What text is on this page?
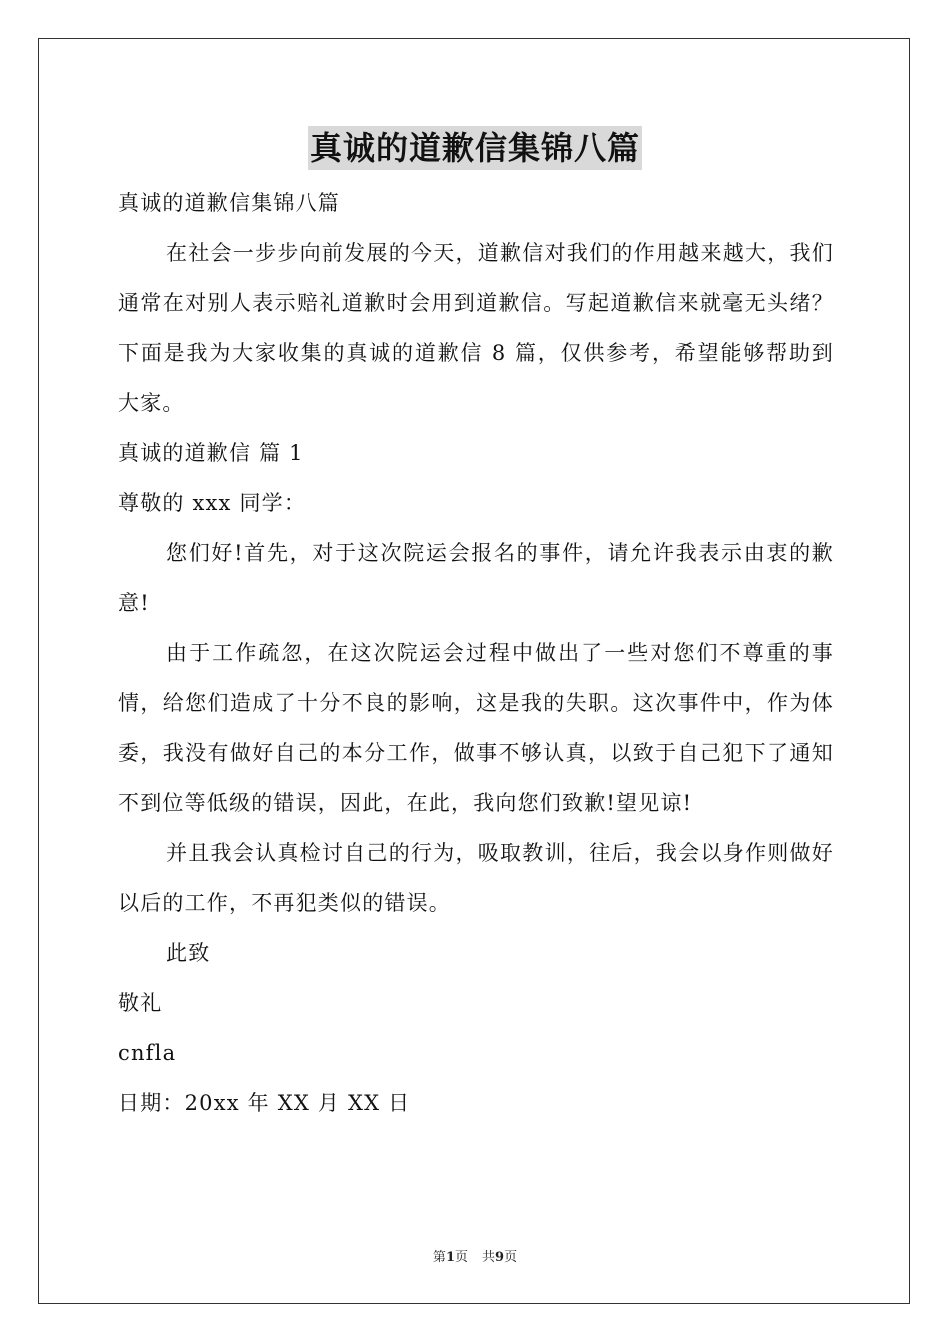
真诚的道歉信集锦八篇

真诚的道歉信集锦八篇

在社会一步步向前发展的今天，道歉信对我们的作用越来越大，我们通常在对别人表示赔礼道歉时会用到道歉信。写起道歉信来就毫无头绪？下面是我为大家收集的真诚的道歉信 8 篇，仅供参考，希望能够帮助到大家。

真诚的道歉信 篇 1

尊敬的 xxx 同学：

您们好!首先，对于这次院运会报名的事件，请允许我表示由衷的歉意!

由于工作疏忽，在这次院运会过程中做出了一些对您们不尊重的事情，给您们造成了十分不良的影响，这是我的失职。这次事件中，作为体委，我没有做好自己的本分工作，做事不够认真，以致于自己犯下了通知不到位等低级的错误，因此，在此，我向您们致歉!望见谅!

并且我会认真检讨自己的行为，吸取教训，往后，我会以身作则做好以后的工作，不再犯类似的错误。

此致

敬礼

cnfla

日期：20xx 年 XX 月 XX 日

第1页 共9页
